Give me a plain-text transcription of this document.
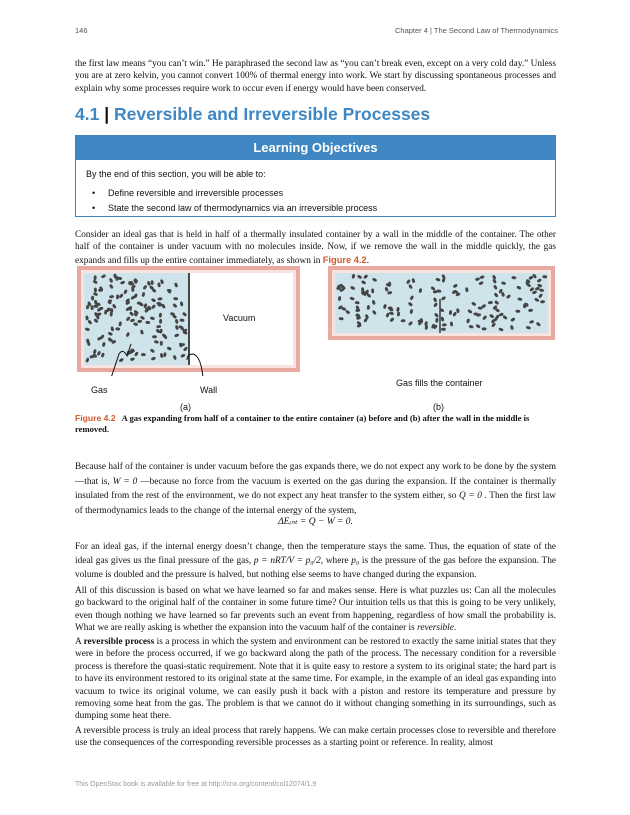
146	Chapter 4 | The Second Law of Thermodynamics

the first law means “you can’t win.” He paraphrased the second law as “you can’t break even, except on a very cold day.” Unless you are at zero kelvin, you cannot convert 100% of thermal energy into work. We start by discussing spontaneous processes and explain why some processes require work to occur even if energy would have been conserved.

4.1 | Reversible and Irreversible Processes
Learning Objectives
By the end of this section, you will be able to:
• Define reversible and irreversible processes
• State the second law of thermodynamics via an irreversible process

Consider an ideal gas that is held in half of a thermally insulated container by a wall in the middle of the container. The other half of the container is under vacuum with no molecules inside. Now, if we remove the wall in the middle quickly, the gas expands and fills up the entire container immediately, as shown in Figure 4.2.

Vacuum
Gas	Wall
Gas fills the container
(a)	(b)
Figure 4.2 A gas expanding from half of a container to the entire container (a) before and (b) after the wall in the middle is removed.

Because half of the container is under vacuum before the gas expands there, we do not expect any work to be done by the system—that is, W = 0 —because no force from the vacuum is exerted on the gas during the expansion. If the container is thermally insulated from the rest of the environment, we do not expect any heat transfer to the system either, so Q = 0 . Then the first law of thermodynamics leads to the change of the internal energy of the system,

ΔEᵢₙₜ = Q − W = 0.

For an ideal gas, if the internal energy doesn’t change, then the temperature stays the same. Thus, the equation of state of the ideal gas gives us the final pressure of the gas, p = nRT/V = p₀/2, where p₀ is the pressure of the gas before the expansion. The volume is doubled and the pressure is halved, but nothing else seems to have changed during the expansion.

All of this discussion is based on what we have learned so far and makes sense. Here is what puzzles us: Can all the molecules go backward to the original half of the container in some future time? Our intuition tells us that this is going to be very unlikely, even though nothing we have learned so far prevents such an event from happening, regardless of how small the probability is. What we are really asking is whether the expansion into the vacuum half of the container is reversible.

A reversible process is a process in which the system and environment can be restored to exactly the same initial states that they were in before the process occurred, if we go backward along the path of the process. The necessary condition for a reversible process is therefore the quasi-static requirement. Note that it is quite easy to restore a system to its original state; the hard part is to have its environment restored to its original state at the same time. For example, in the example of an ideal gas expanding into vacuum to twice its original volume, we can easily push it back with a piston and restore its temperature and pressure by removing some heat from the gas. The problem is that we cannot do it without changing something in its surroundings, such as dumping some heat there.

A reversible process is truly an ideal process that rarely happens. We can make certain processes close to reversible and therefore use the consequences of the corresponding reversible processes as a starting point or reference. In reality, almost

This OpenStax book is available for free at http://cnx.org/content/col12074/1.9
